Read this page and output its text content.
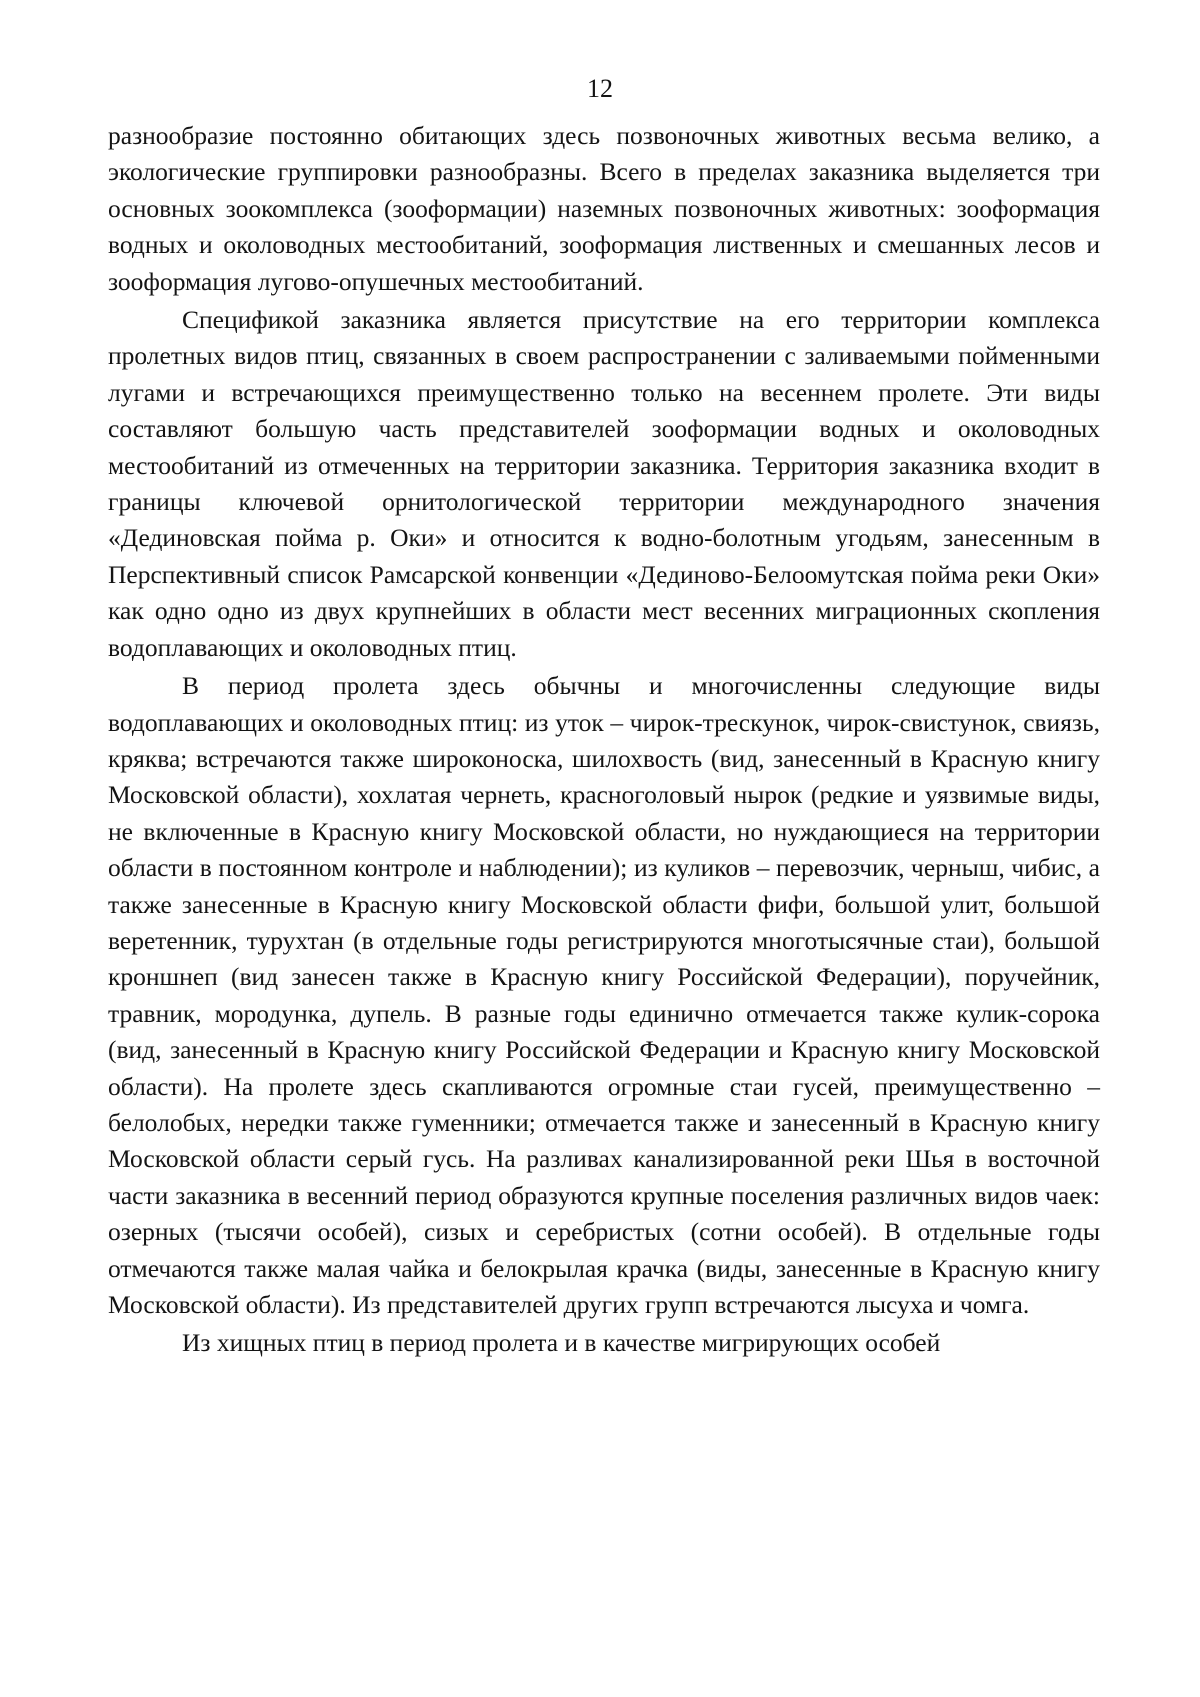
12

разнообразие постоянно обитающих здесь позвоночных животных весьма велико, а экологические группировки разнообразны. Всего в пределах заказника выделяется три основных зоокомплекса (зооформации) наземных позвоночных животных: зооформация водных и околоводных местообитаний, зооформация лиственных и смешанных лесов и зооформация лугово-опушечных местообитаний.

Спецификой заказника является присутствие на его территории комплекса пролетных видов птиц, связанных в своем распространении с заливаемыми пойменными лугами и встречающихся преимущественно только на весеннем пролете. Эти виды составляют большую часть представителей зооформации водных и околоводных местообитаний из отмеченных на территории заказника. Территория заказника входит в границы ключевой орнитологической территории международного значения «Дединовская пойма р. Оки» и относится к водно-болотным угодьям, занесенным в Перспективный список Рамсарской конвенции «Дединово-Белоомутская пойма реки Оки» как одно одно из двух крупнейших в области мест весенних миграционных скопления водоплавающих и околоводных птиц.

В период пролета здесь обычны и многочисленны следующие виды водоплавающих и околоводных птиц: из уток – чирок-трескунок, чирок-свистунок, свиязь, кряква; встречаются также широконоска, шилохвость (вид, занесенный в Красную книгу Московской области), хохлатая чернеть, красноголовый нырок (редкие и уязвимые виды, не включенные в Красную книгу Московской области, но нуждающиеся на территории области в постоянном контроле и наблюдении); из куликов – перевозчик, черныш, чибис, а также занесенные в Красную книгу Московской области фифи, большой улит, большой веретенник, турухтан (в отдельные годы регистрируются многотысячные стаи), большой кроншнеп (вид занесен также в Красную книгу Российской Федерации), поручейник, травник, мородунка, дупель. В разные годы единично отмечается также кулик-сорока (вид, занесенный в Красную книгу Российской Федерации и Красную книгу Московской области). На пролете здесь скапливаются огромные стаи гусей, преимущественно – белолобых, нередки также гуменники; отмечается также и занесенный в Красную книгу Московской области серый гусь. На разливах канализированной реки Шья в восточной части заказника в весенний период образуются крупные поселения различных видов чаек: озерных (тысячи особей), сизых и серебристых (сотни особей). В отдельные годы отмечаются также малая чайка и белокрылая крачка (виды, занесенные в Красную книгу Московской области). Из представителей других групп встречаются лысуха и чомга.

Из хищных птиц в период пролета и в качестве мигрирующих особей
